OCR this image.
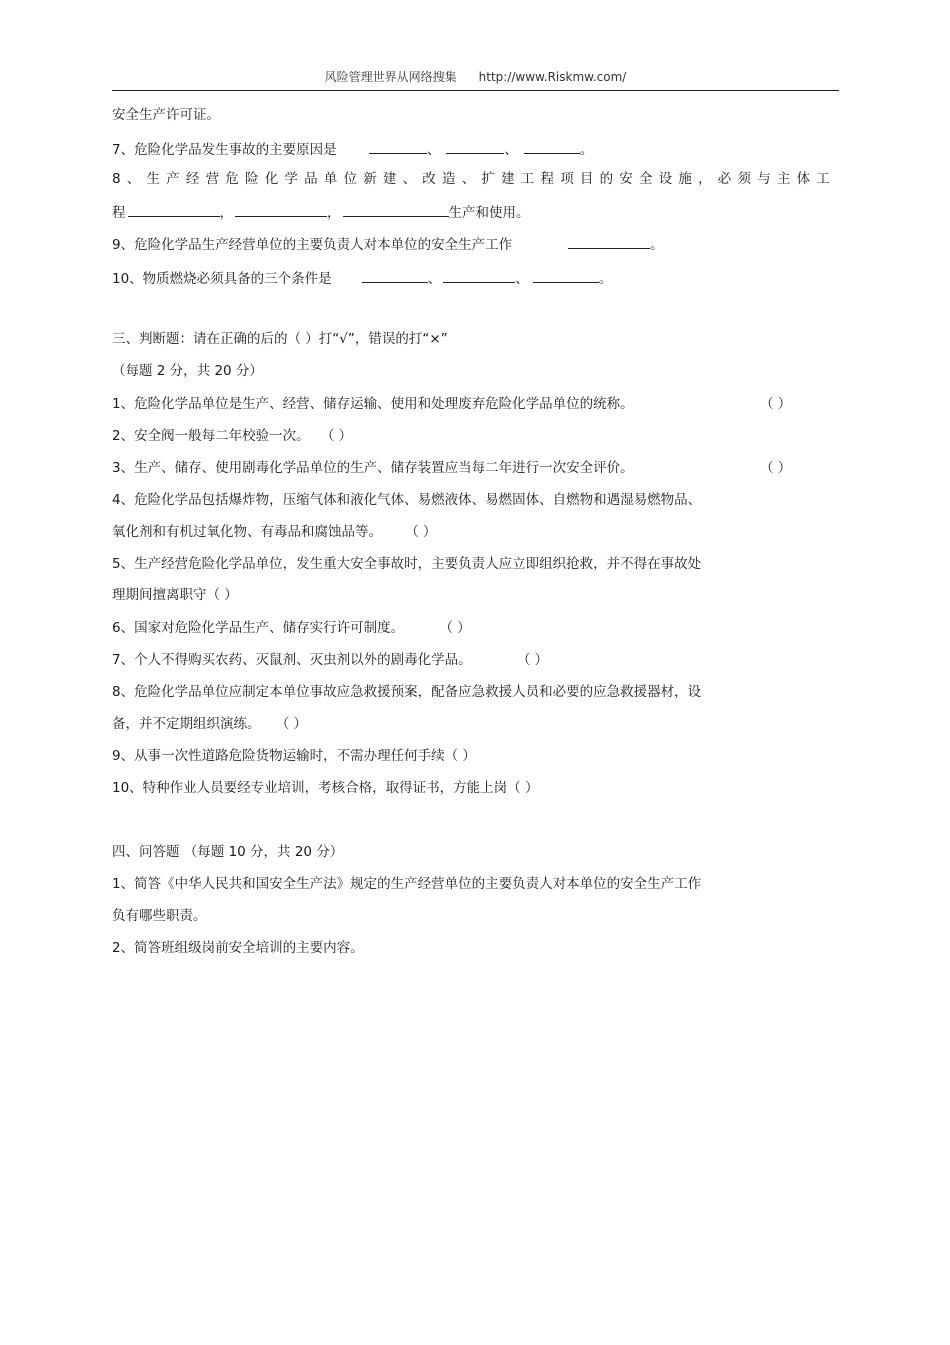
风险管理世界从网络搜集 http://www.Riskmw.com/
安全生产许可证。
7、危险化学品发生事故的主要原因是	、	、	。
8、生产经营危险化学品单位新建、改造、扩建工程项目的安全设施，必须与主体工
程	，	，	生产和使用。
9、危险化学品生产经营单位的主要负责人对本单位的安全生产工作	。
10、物质燃烧必须具备的三个条件是	、	、	。
三、判断题：请在正确的后的（ ）打“√”，错误的打“×”
（每题 2 分，共 20 分）
1、危险化学品单位是生产、经营、储存运输、使用和处理废弃危险化学品单位的统称。	（ ）
2、安全阀一般每二年校验一次。 （ ）
3、生产、储存、使用剧毒化学品单位的生产、储存装置应当每二年进行一次安全评价。	（ ）
4、危险化学品包括爆炸物，压缩气体和液化气体、易燃液体、易燃固体、自燃物和遇湿易燃物品、
氧化剂和有机过氧化物、有毒品和腐蚀品等。 （ ）
5、生产经营危险化学品单位，发生重大安全事故时，主要负责人应立即组织抢救，并不得在事故处
理期间擅离职守（ ）
6、国家对危险化学品生产、储存实行许可制度。	（ ）
7、个人不得购买农药、灭鼠剂、灭虫剂以外的剧毒化学品。	（ ）
8、危险化学品单位应制定本单位事故应急救援预案，配备应急救援人员和必要的应急救援器材，设
备，并不定期组织演练。 （ ）
9、从事一次性道路危险货物运输时，不需办理任何手续（ ）
10、特种作业人员要经专业培训，考核合格，取得证书，方能上岗（ ）
四、问答题 （每题 10 分，共 20 分）
1、简答《中华人民共和国安全生产法》规定的生产经营单位的主要负责人对本单位的安全生产工作
负有哪些职责。
2、简答班组级岗前安全培训的主要内容。
